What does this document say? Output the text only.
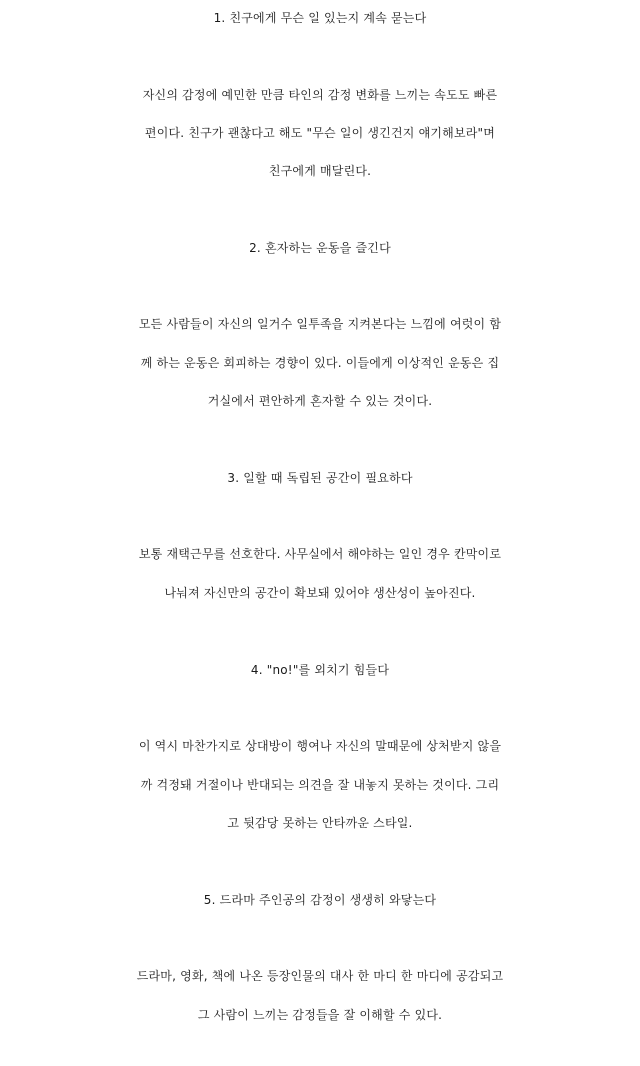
1. 친구에게 무슨 일 있는지 계속 묻는다
자신의 감정에 예민한 만큼 타인의 감정 변화를 느끼는 속도도 빠른
편이다. 친구가 괜찮다고 해도 "무슨 일이 생긴건지 얘기해보라"며
친구에게 매달린다.
2. 혼자하는 운동을 즐긴다
모든 사람들이 자신의 일거수 일투족을 지켜본다는 느낌에 여럿이 함
께 하는 운동은 회피하는 경향이 있다. 이들에게 이상적인 운동은 집
거실에서 편안하게 혼자할 수 있는 것이다.
3. 일할 때 독립된 공간이 필요하다
보통 재택근무를 선호한다. 사무실에서 해야하는 일인 경우 칸막이로
나눠져 자신만의 공간이 확보돼 있어야 생산성이 높아진다.
4. "no!"를 외치기 힘들다
이 역시 마찬가지로 상대방이 행여나 자신의 말때문에 상처받지 않을
까 걱정돼 거절이나 반대되는 의견을 잘 내놓지 못하는 것이다. 그리
고 뒷감당 못하는 안타까운 스타일.
5. 드라마 주인공의 감정이 생생히 와닿는다
드라마, 영화, 책에 나온 등장인물의 대사 한 마디 한 마디에 공감되고
그 사람이 느끼는 감정들을 잘 이해할 수 있다.
